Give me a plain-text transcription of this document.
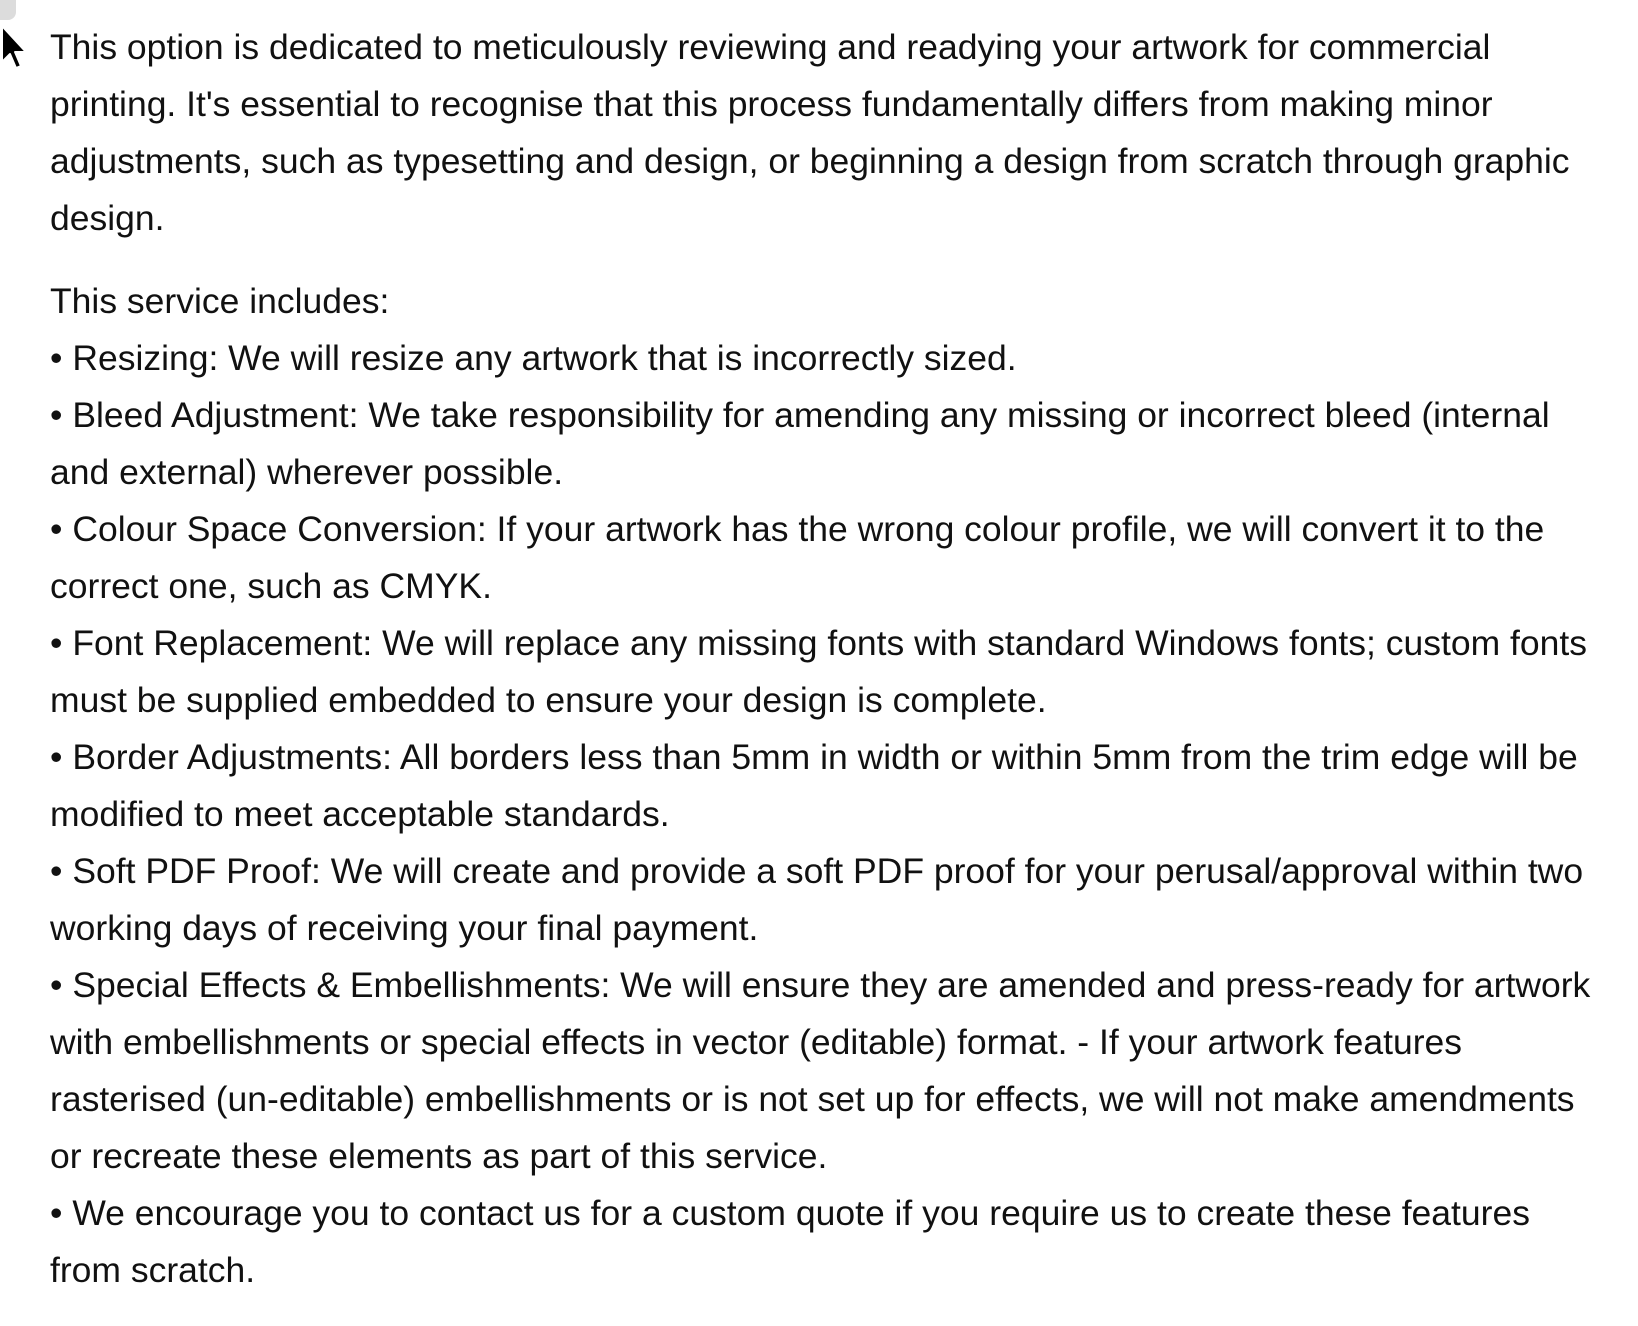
This option is dedicated to meticulously reviewing and readying your artwork for commercial printing. It's essential to recognise that this process fundamentally differs from making minor adjustments, such as typesetting and design, or beginning a design from scratch through graphic design.

This service includes:

• Resizing: We will resize any artwork that is incorrectly sized.
• Bleed Adjustment: We take responsibility for amending any missing or incorrect bleed (internal and external) wherever possible.
• Colour Space Conversion: If your artwork has the wrong colour profile, we will convert it to the correct one, such as CMYK.
• Font Replacement: We will replace any missing fonts with standard Windows fonts; custom fonts must be supplied embedded to ensure your design is complete.
• Border Adjustments: All borders less than 5mm in width or within 5mm from the trim edge will be modified to meet acceptable standards.
• Soft PDF Proof: We will create and provide a soft PDF proof for your perusal/approval within two working days of receiving your final payment.
• Special Effects & Embellishments: We will ensure they are amended and press-ready for artwork with embellishments or special effects in vector (editable) format. - If your artwork features rasterised (un-editable) embellishments or is not set up for effects, we will not make amendments or recreate these elements as part of this service.
• We encourage you to contact us for a custom quote if you require us to create these features from scratch.
